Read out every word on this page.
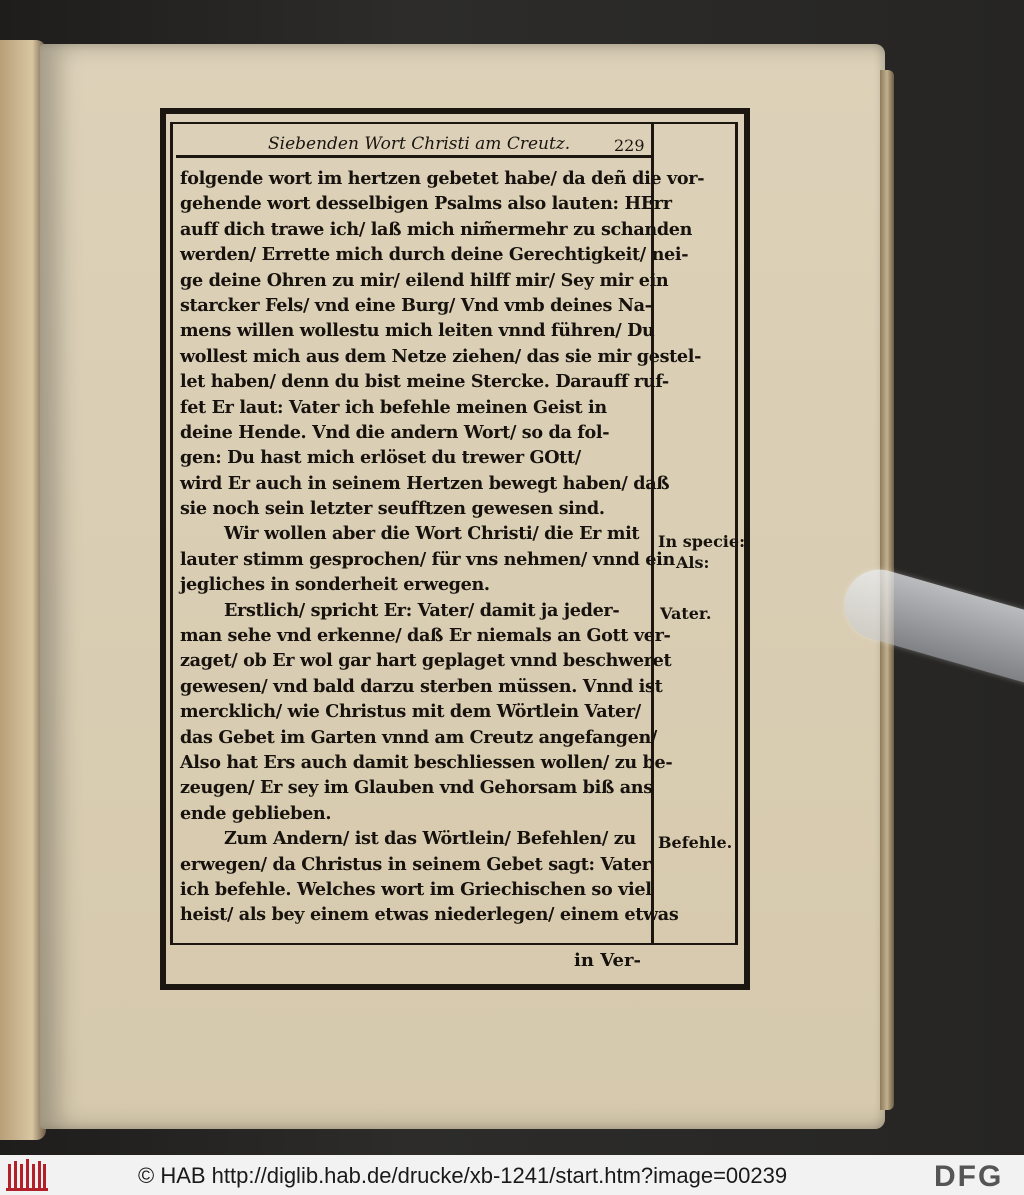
Siebenden Wort Christi am Creutz.	229
folgende wort im hertzen gebetet habe/ da deñ die vor-
gehende wort desselbigen Psalms also lauten: HErr
auff dich trawe ich/ laß mich nim̃ermehr zu schanden
werden/ Errette mich durch deine Gerechtigkeit/ nei-
ge deine Ohren zu mir/ eilend hilff mir/ Sey mir ein
starcker Fels/ vnd eine Burg/ Vnd vmb deines Na-
mens willen wollestu mich leiten vnnd führen/ Du
wollest mich aus dem Netze ziehen/ das sie mir gestel-
let haben/ denn du bist meine Stercke. Darauff ruf-
fet Er laut: Vater ich befehle meinen Geist in
deine Hende. Vnd die andern Wort/ so da fol-
gen: Du hast mich erlöset du trewer GOtt/
wird Er auch in seinem Hertzen bewegt haben/ daß
sie noch sein letzter seufftzen gewesen sind.
Wir wollen aber die Wort Christi/ die Er mit
lauter stimm gesprochen/ für vns nehmen/ vnnd ein
jegliches in sonderheit erwegen.
Erstlich/ spricht Er: Vater/ damit ja jeder-
man sehe vnd erkenne/ daß Er niemals an Gott ver-
zaget/ ob Er wol gar hart geplaget vnnd beschweret
gewesen/ vnd bald darzu sterben müssen. Vnnd ist
mercklich/ wie Christus mit dem Wörtlein Vater/
das Gebet im Garten vnnd am Creutz angefangen/
Also hat Ers auch damit beschliessen wollen/ zu be-
zeugen/ Er sey im Glauben vnd Gehorsam biß ans
ende geblieben.
Zum Andern/ ist das Wörtlein/ Befehlen/ zu
erwegen/ da Christus in seinem Gebet sagt: Vater
ich befehle. Welches wort im Griechischen so viel
heist/ als bey einem etwas niederlegen/ einem etwas
In specie:
Als:
Vater.
Befehle.
in Ver-
© HAB http://diglib.hab.de/drucke/xb-1241/start.htm?image=00239	DFG
